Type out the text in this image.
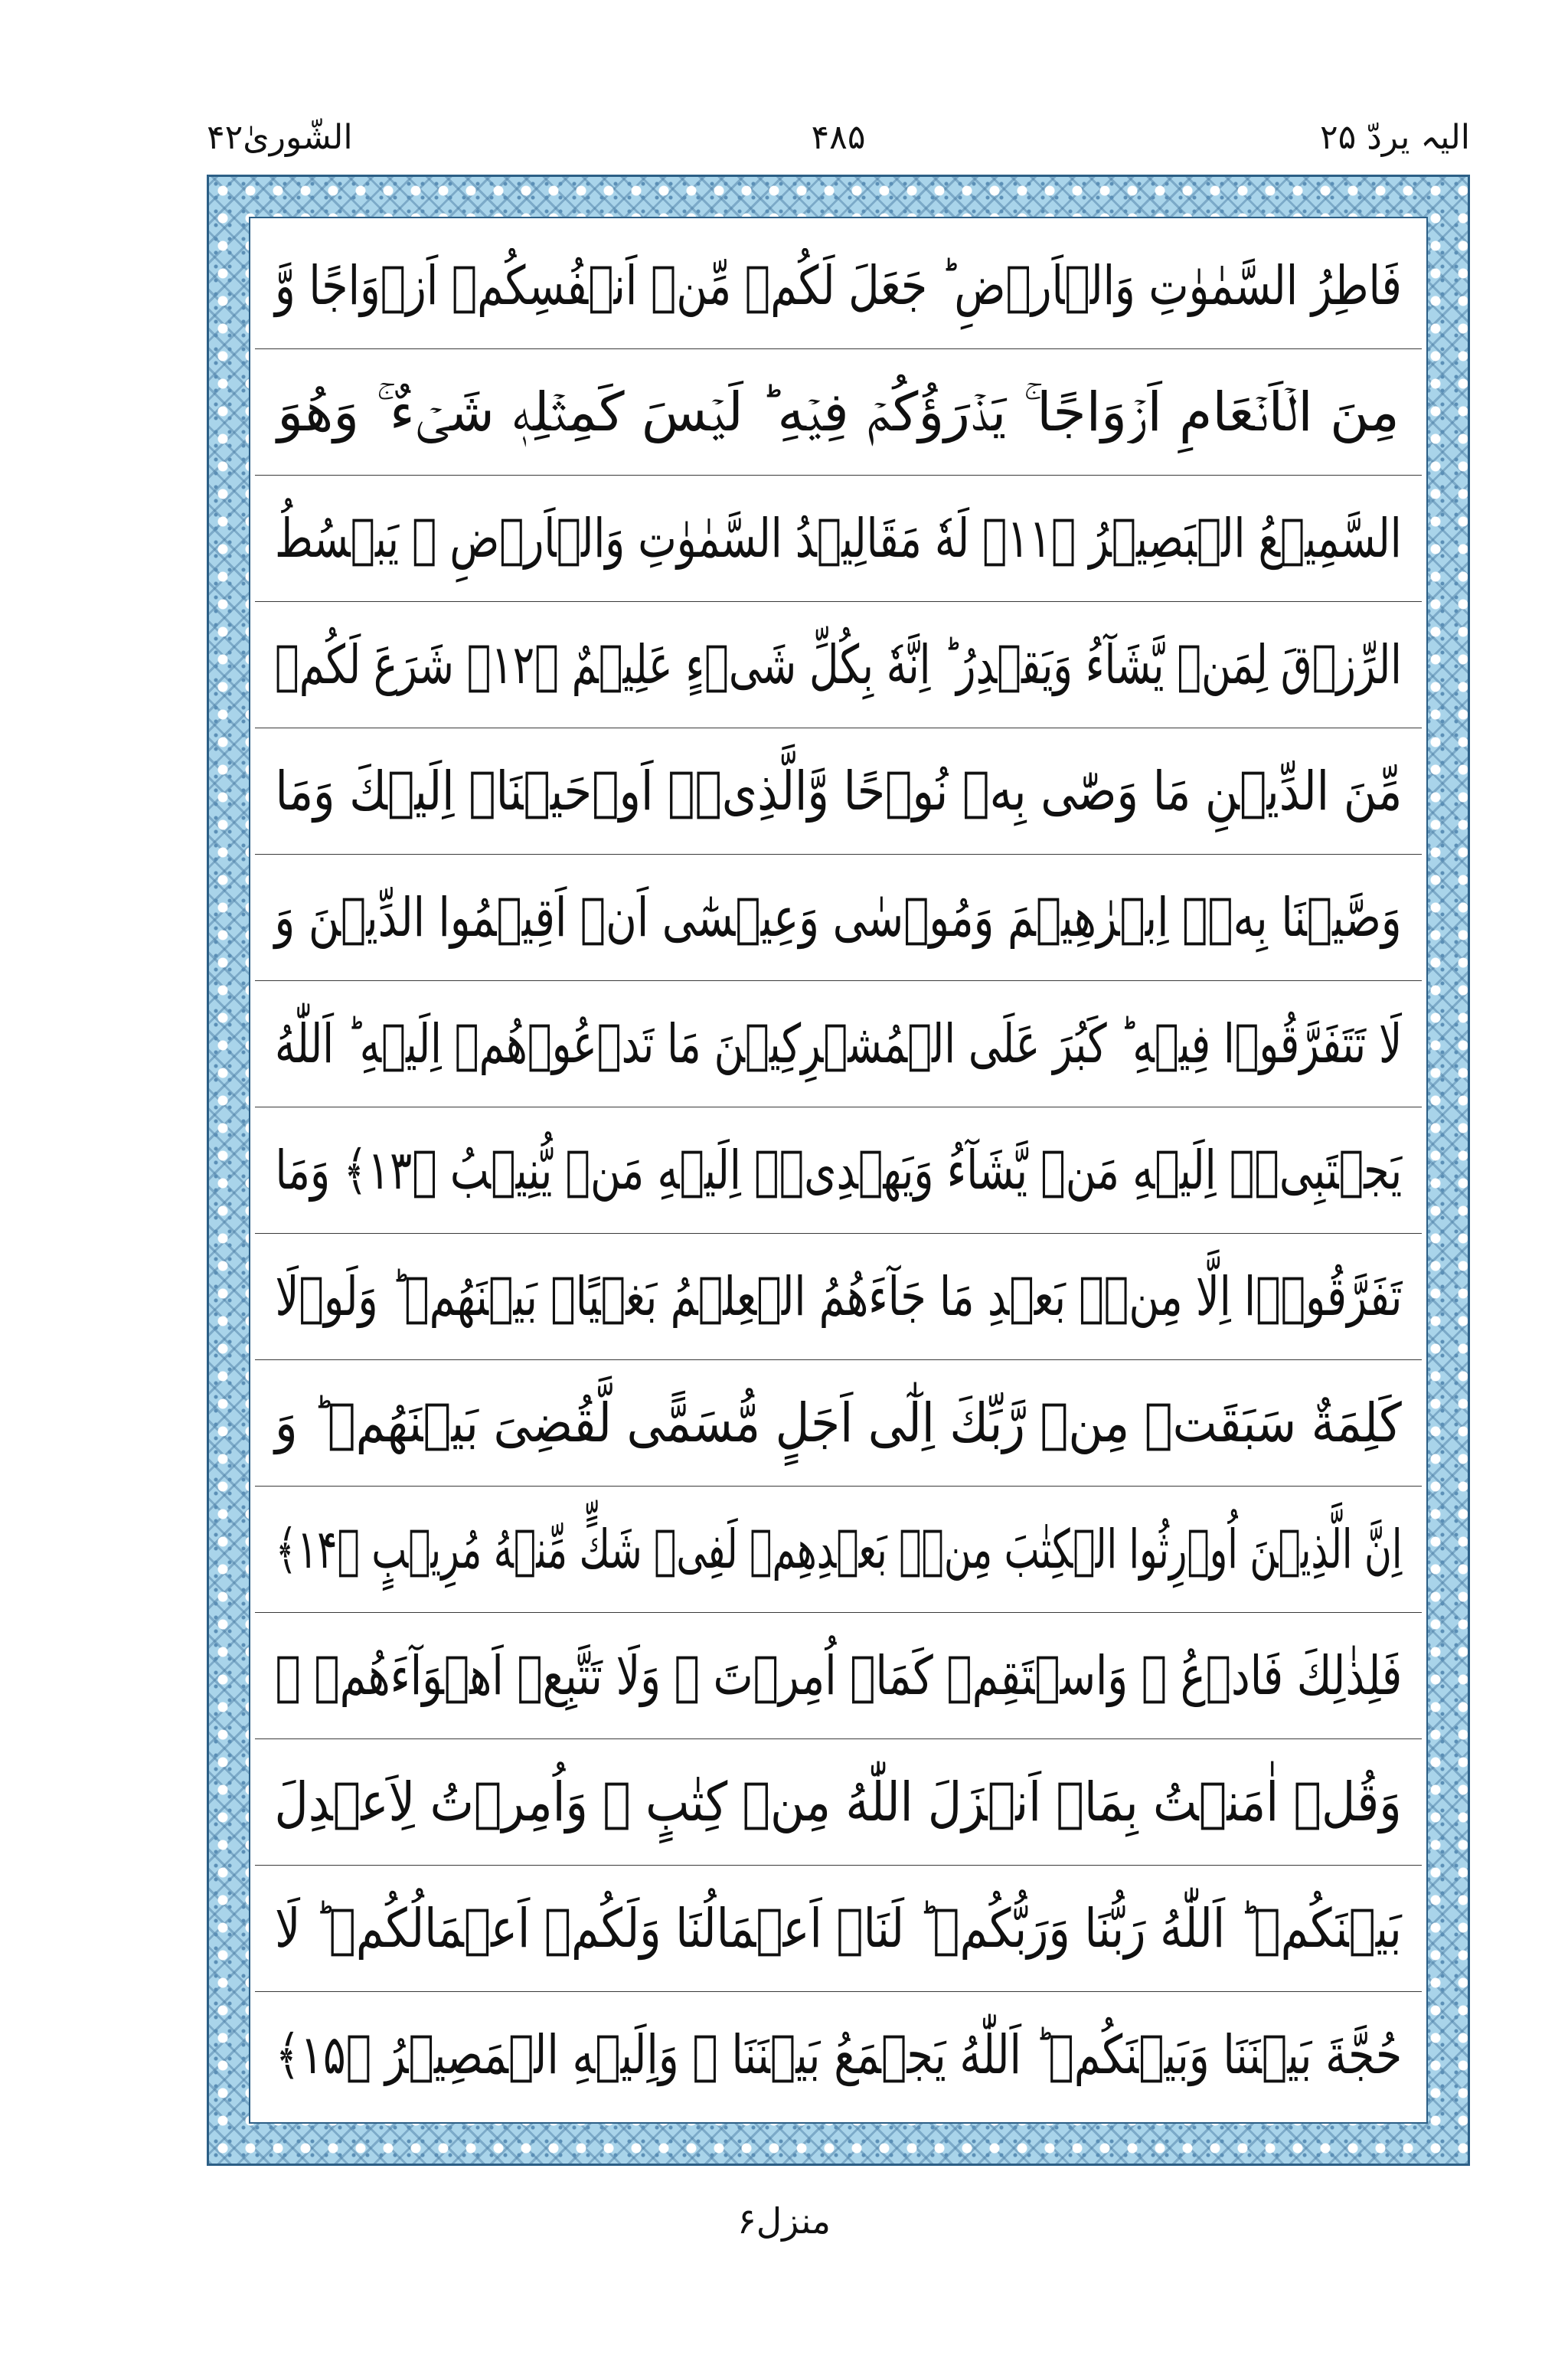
الشّوریٰ۴۲	۴۸۵	الیہ یردّ ۲۵
فَاطِرُ السَّمٰوٰتِ وَالۡاَرۡضِ ؕ جَعَلَ لَكُمۡ مِّنۡ اَنۡفُسِكُمۡ اَزۡوَاجًا وَّ
مِنَ الۡاَنۡعَامِ اَزۡوَاجًا ۚ يَذۡرَؤُكُمۡ فِيۡهِ ؕ لَيۡسَ كَمِثۡلِهٖ شَىۡءٌ ۚ وَهُوَ
السَّمِيۡعُ الۡبَصِيۡرُ ﴿۱۱﴾ لَهٗ مَقَالِيۡدُ السَّمٰوٰتِ وَالۡاَرۡضِ ۚ يَبۡسُطُ
الرِّزۡقَ لِمَنۡ يَّشَآءُ وَيَقۡدِرُ ؕ اِنَّهٗ بِكُلِّ شَىۡءٍ عَلِيۡمٌ ﴿۱۲﴾ شَرَعَ لَكُمۡ
مِّنَ الدِّيۡنِ مَا وَصّٰى بِهٖ نُوۡحًا وَّالَّذِىۡۤ اَوۡحَيۡنَاۤ اِلَيۡكَ وَمَا
وَصَّيۡنَا بِهٖۤ اِبۡرٰهِيۡمَ وَمُوۡسٰى وَعِيۡسٰٓى اَنۡ اَقِيۡمُوا الدِّيۡنَ وَ
لَا تَتَفَرَّقُوۡا فِيۡهِ ؕ كَبُرَ عَلَى الۡمُشۡرِكِيۡنَ مَا تَدۡعُوۡهُمۡ اِلَيۡهِ ؕ اَللّٰهُ
يَجۡتَبِىۡۤ اِلَيۡهِ مَنۡ يَّشَآءُ وَيَهۡدِىۡۤ اِلَيۡهِ مَنۡ يُّنِيۡبُ ﴿۱۳﴾ وَمَا
تَفَرَّقُوۡۤا اِلَّا مِنۡۢ بَعۡدِ مَا جَآءَهُمُ الۡعِلۡمُ بَغۡيًاۢ بَيۡنَهُمۡ ؕ وَلَوۡلَا
كَلِمَةٌ سَبَقَتۡ مِنۡ رَّبِّكَ اِلٰٓى اَجَلٍ مُّسَمًّى لَّقُضِىَ بَيۡنَهُمۡ ؕ وَ
اِنَّ الَّذِيۡنَ اُوۡرِثُوا الۡكِتٰبَ مِنۡۢ بَعۡدِهِمۡ لَفِىۡ شَكٍّ مِّنۡهُ مُرِيۡبٍ ﴿۱۴﴾
فَلِذٰلِكَ فَادۡعُ ۚ وَاسۡتَقِمۡ كَمَاۤ اُمِرۡتَ ۚ وَلَا تَتَّبِعۡ اَهۡوَآءَهُمۡ ۚ
وَقُلۡ اٰمَنۡتُ بِمَاۤ اَنۡزَلَ اللّٰهُ مِنۡ كِتٰبٍ ۚ وَاُمِرۡتُ لِاَعۡدِلَ
بَيۡنَكُمۡ ؕ اَللّٰهُ رَبُّنَا وَرَبُّكُمۡ ؕ لَنَاۤ اَعۡمَالُنَا وَلَكُمۡ اَعۡمَالُكُمۡ ؕ لَا
حُجَّةَ بَيۡنَنَا وَبَيۡنَكُمۡ ؕ اَللّٰهُ يَجۡمَعُ بَيۡنَنَا ۚ وَاِلَيۡهِ الۡمَصِيۡرُ ﴿۱۵﴾
منزل۶
